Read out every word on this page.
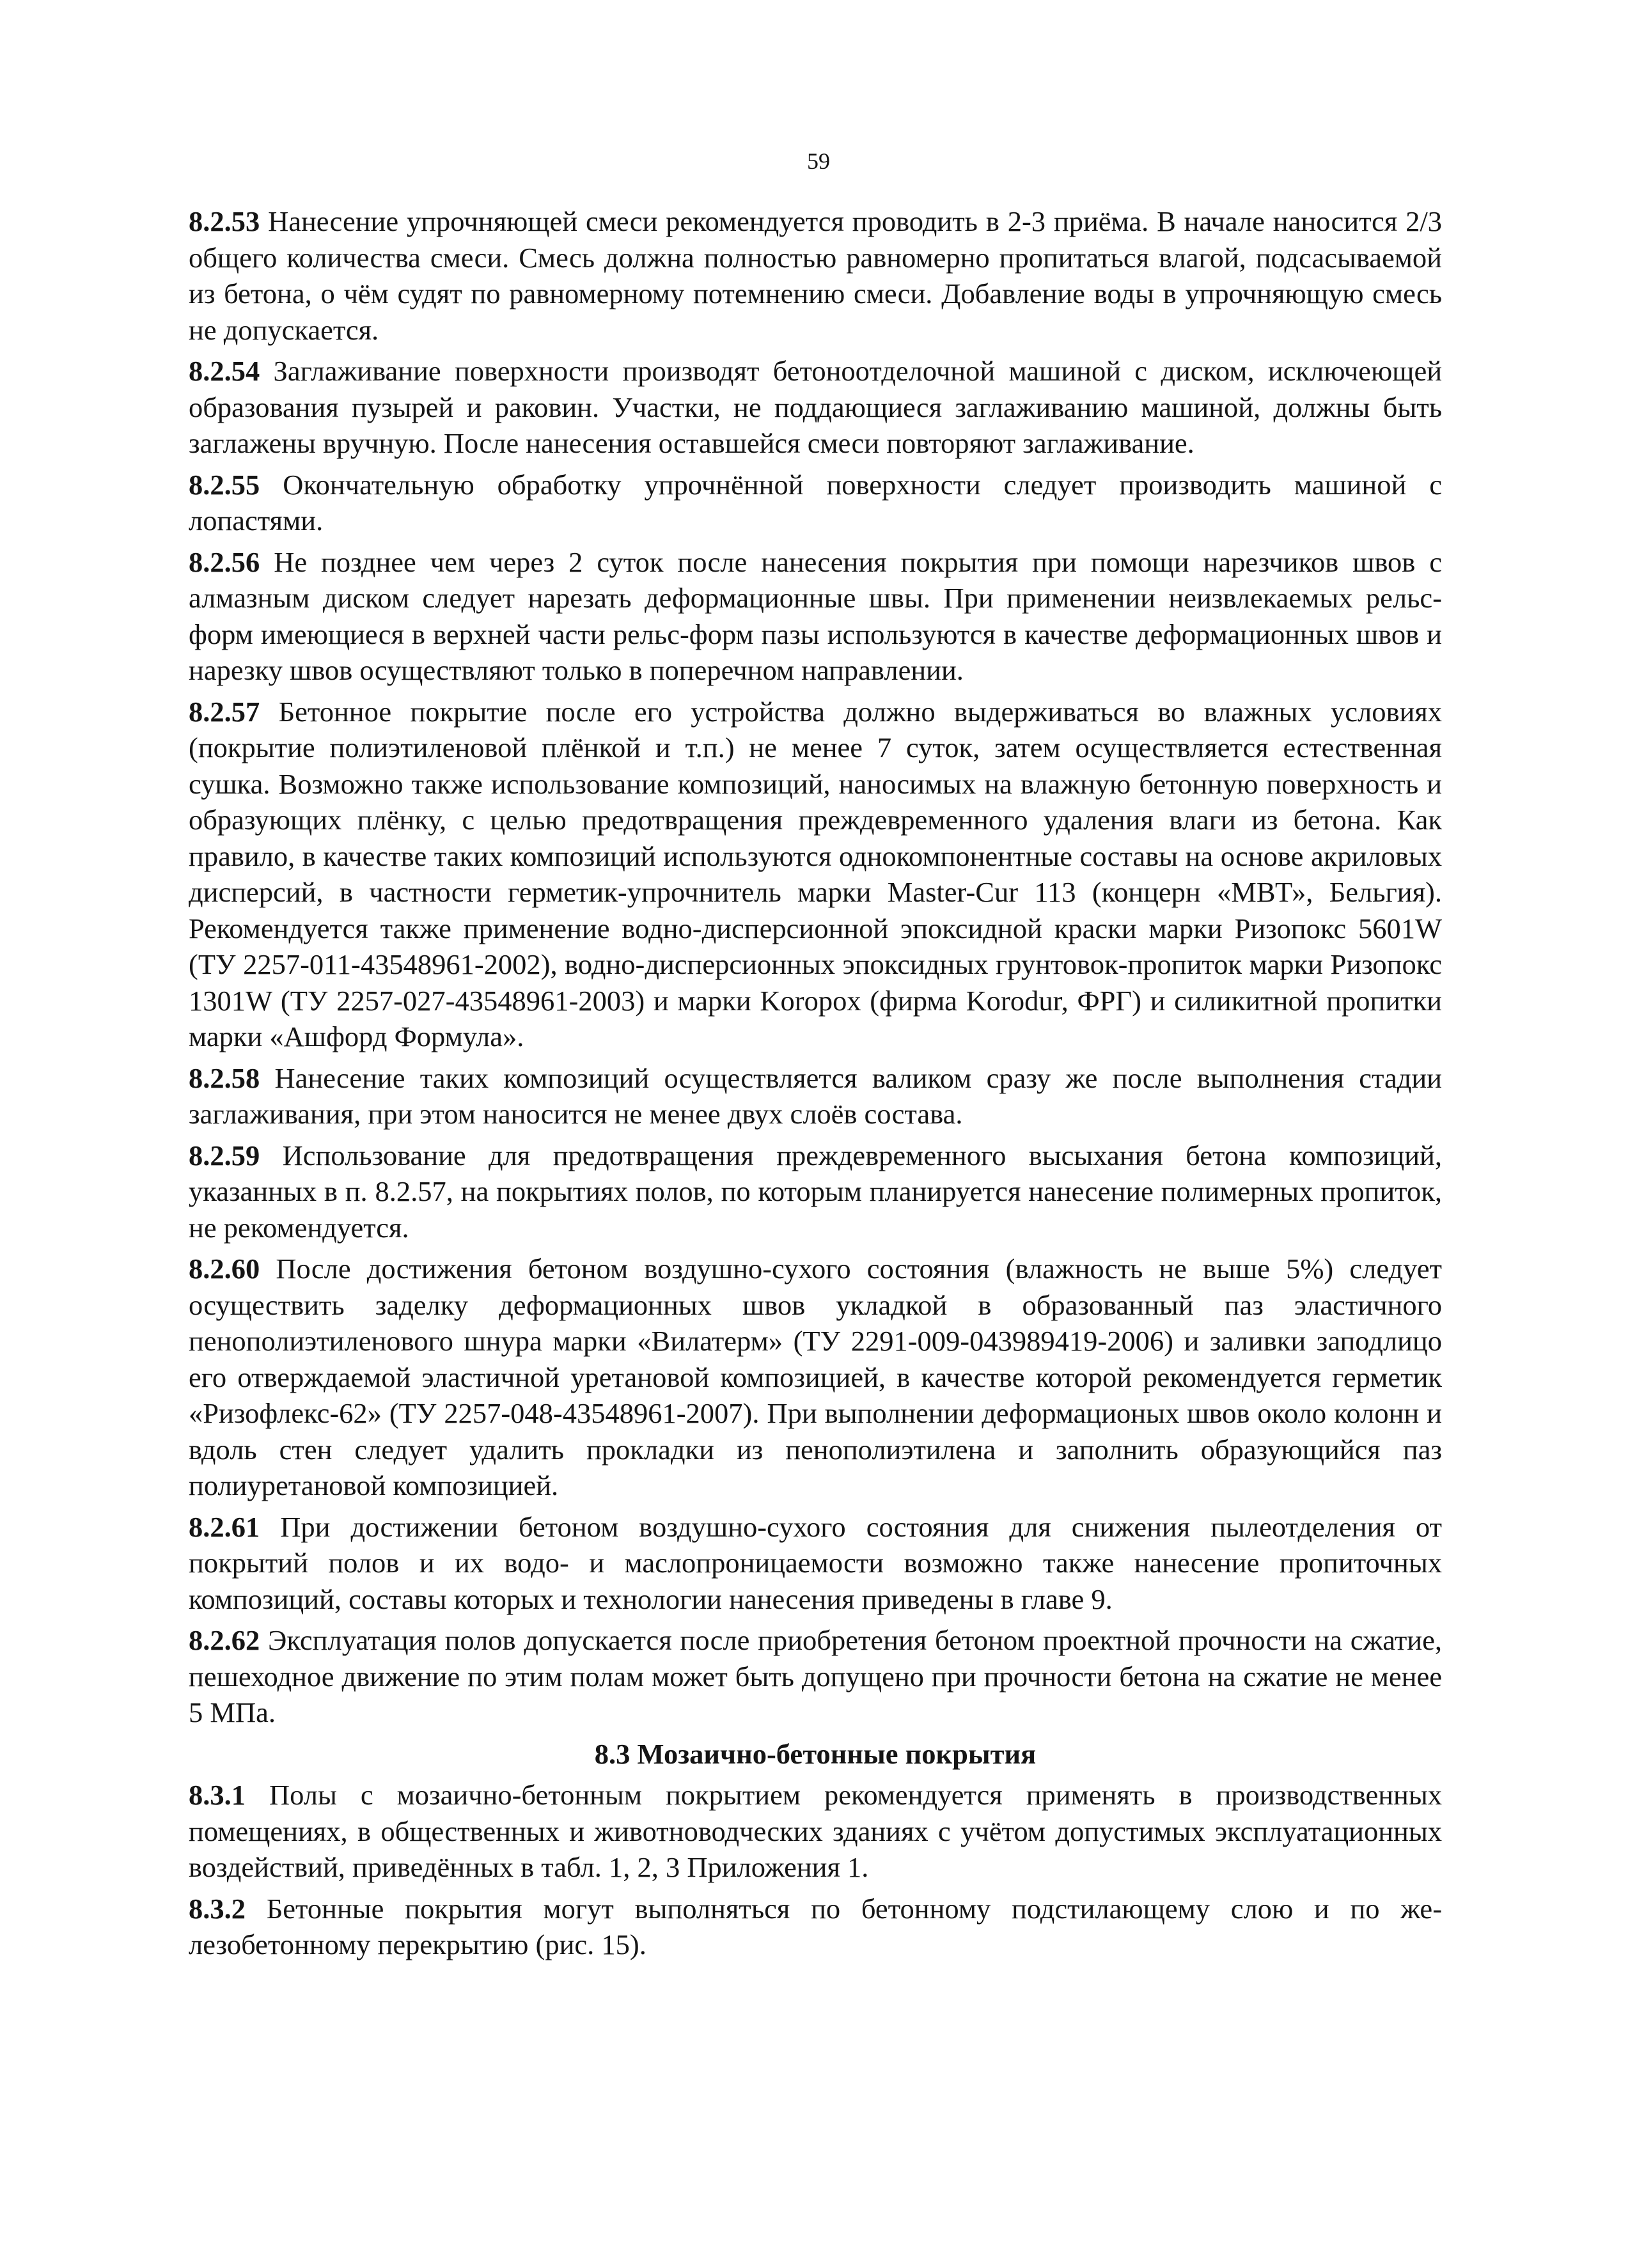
59

8.2.53 Нанесение упрочняющей смеси рекомендуется проводить в 2-3 приёма. В начале наносится 2/3 общего количества смеси. Смесь должна полностью равномерно пропитаться влагой, подсасываемой из бетона, о чём судят по равномерному потемнению смеси. Добавление воды в упрочняющую смесь не допускается.

8.2.54 Заглаживание поверхности производят бетоноотделочной машиной с диском, исключеющей образования пузырей и раковин. Участки, не поддающиеся заглаживанию машиной, должны быть заглажены вручную. После нанесения оставшейся смеси повторяют заглаживание.

8.2.55 Окончательную обработку упрочнённой поверхности следует производить машиной с лопастями.

8.2.56 Не позднее чем через 2 суток после нанесения покрытия при помощи нарезчиков швов с алмазным диском следует нарезать деформационные швы. При применении неизвлекаемых рельс-форм имеющиеся в верхней части рельс-форм пазы используются в качестве деформационных швов и нарезку швов осуществляют только в поперечном направлении.

8.2.57 Бетонное покрытие после его устройства должно выдерживаться во влажных условиях (покрытие полиэтиленовой плёнкой и т.п.) не менее 7 суток, затем осуществляется естественная сушка. Возможно также использование композиций, наносимых на влажную бетонную поверхность и образующих плёнку, с целью предотвращения преждевременного удаления влаги из бетона. Как правило, в качестве таких композиций используются однокомпонентные составы на основе акриловых дисперсий, в частности герметик-упрочнитель марки Master-Cur 113 (концерн «МВТ», Бельгия). Рекомендуется также применение водно-дисперсионной эпоксидной краски марки Ризопокс 5601W (ТУ 2257-011-43548961-2002), водно-дисперсионных эпоксидных грунтовок-пропиток марки Ризопокс 1301W (ТУ 2257-027-43548961-2003) и марки Koropox (фирма Korodur, ФРГ) и силикитной пропитки марки «Ашфорд Формула».

8.2.58 Нанесение таких композиций осуществляется валиком сразу же после выполнения стадии заглаживания, при этом наносится не менее двух слоёв состава.

8.2.59 Использование для предотвращения преждевременного высыхания бетона композиций, указанных в п. 8.2.57, на покрытиях полов, по которым планируется нанесение полимерных пропиток, не рекомендуется.

8.2.60 После достижения бетоном воздушно-сухого состояния (влажность не выше 5%) следует осуществить заделку деформационных швов укладкой в образованный паз эластичного пенополиэтиленового шнура марки «Вилатерм» (ТУ 2291-009-043989419-2006) и заливки заподлицо его отверждаемой эластичной уретановой композицией, в качестве которой рекомендуется герметик «Ризофлекс-62» (ТУ 2257-048-43548961-2007). При выполнении деформационых швов около колонн и вдоль стен следует удалить прокладки из пенополиэтилена и заполнить образующийся паз полиуретановой композицией.

8.2.61 При достижении бетоном воздушно-сухого состояния для снижения пылеотделения от покрытий полов и их водо- и маслопроницаемости возможно также нанесение пропиточных композиций, составы которых и технологии нанесения приведены в главе 9.

8.2.62 Эксплуатация полов допускается после приобретения бетоном проектной прочности на сжатие, пешеходное движение по этим полам может быть допущено при прочности бетона на сжатие не менее 5 МПа.

8.3 Мозаично-бетонные покрытия

8.3.1 Полы с мозаично-бетонным покрытием рекомендуется применять в производственных помещениях, в общественных и животноводческих зданиях с учётом допустимых эксплуатационных воздействий, приведённых в табл. 1, 2, 3 Приложения 1.

8.3.2 Бетонные покрытия могут выполняться по бетонному подстилающему слою и по железобетонному перекрытию (рис. 15).
